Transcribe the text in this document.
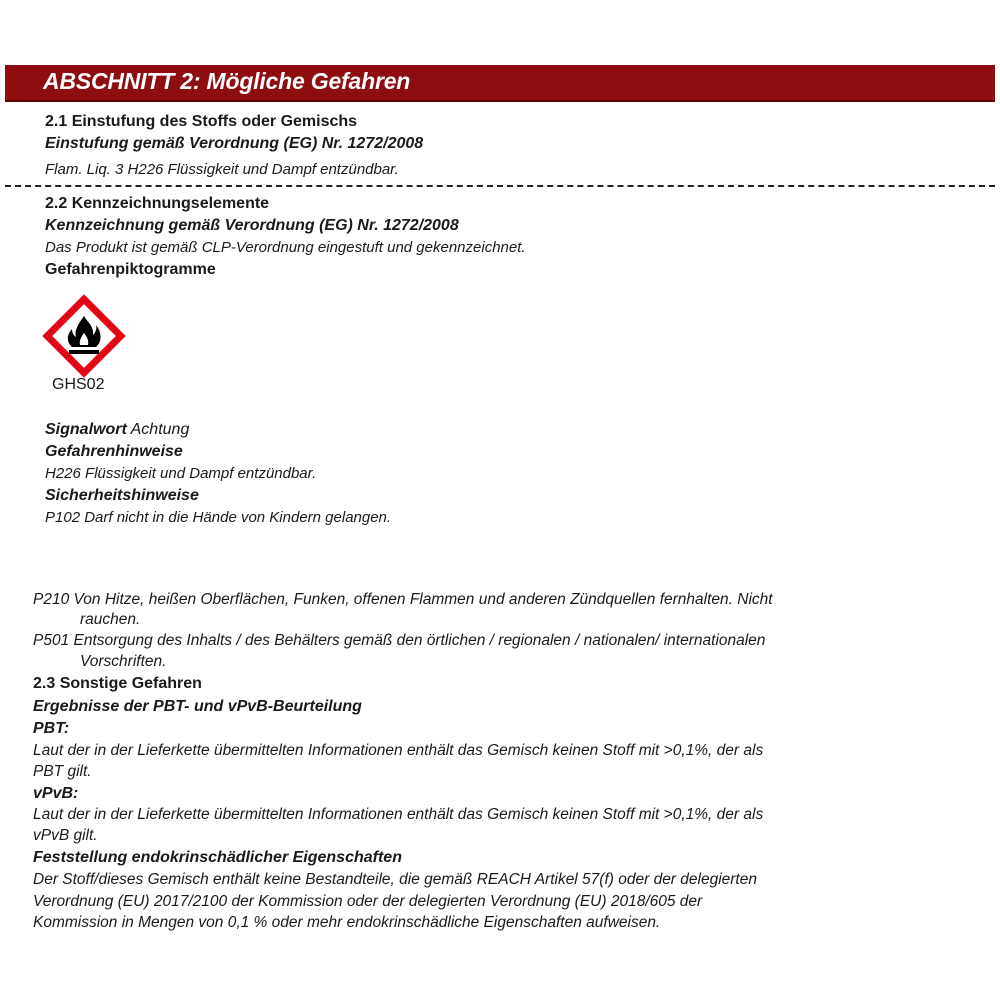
ABSCHNITT 2: Mögliche Gefahren
2.1 Einstufung des Stoffs oder Gemischs
Einstufung gemäß Verordnung (EG) Nr. 1272/2008
Flam. Liq. 3 H226 Flüssigkeit und Dampf entzündbar.
2.2 Kennzeichnungselemente
Kennzeichnung gemäß Verordnung (EG) Nr. 1272/2008
Das Produkt ist gemäß CLP-Verordnung eingestuft und gekennzeichnet.
Gefahrenpiktogramme
GHS02
Signalwort Achtung
Gefahrenhinweise
H226 Flüssigkeit und Dampf entzündbar.
Sicherheitshinweise
P102 Darf nicht in die Hände von Kindern gelangen.
P210 Von Hitze, heißen Oberflächen, Funken, offenen Flammen und anderen Zündquellen fernhalten. Nicht
rauchen.
P501 Entsorgung des Inhalts / des Behälters gemäß den örtlichen / regionalen / nationalen/ internationalen
Vorschriften.
2.3 Sonstige Gefahren
Ergebnisse der PBT- und vPvB-Beurteilung
PBT:
Laut der in der Lieferkette übermittelten Informationen enthält das Gemisch keinen Stoff mit >0,1%, der als
PBT gilt.
vPvB:
Laut der in der Lieferkette übermittelten Informationen enthält das Gemisch keinen Stoff mit >0,1%, der als
vPvB gilt.
Feststellung endokrinschädlicher Eigenschaften
Der Stoff/dieses Gemisch enthält keine Bestandteile, die gemäß REACH Artikel 57(f) oder der delegierten
Verordnung (EU) 2017/2100 der Kommission oder der delegierten Verordnung (EU) 2018/605 der
Kommission in Mengen von 0,1 % oder mehr endokrinschädliche Eigenschaften aufweisen.
